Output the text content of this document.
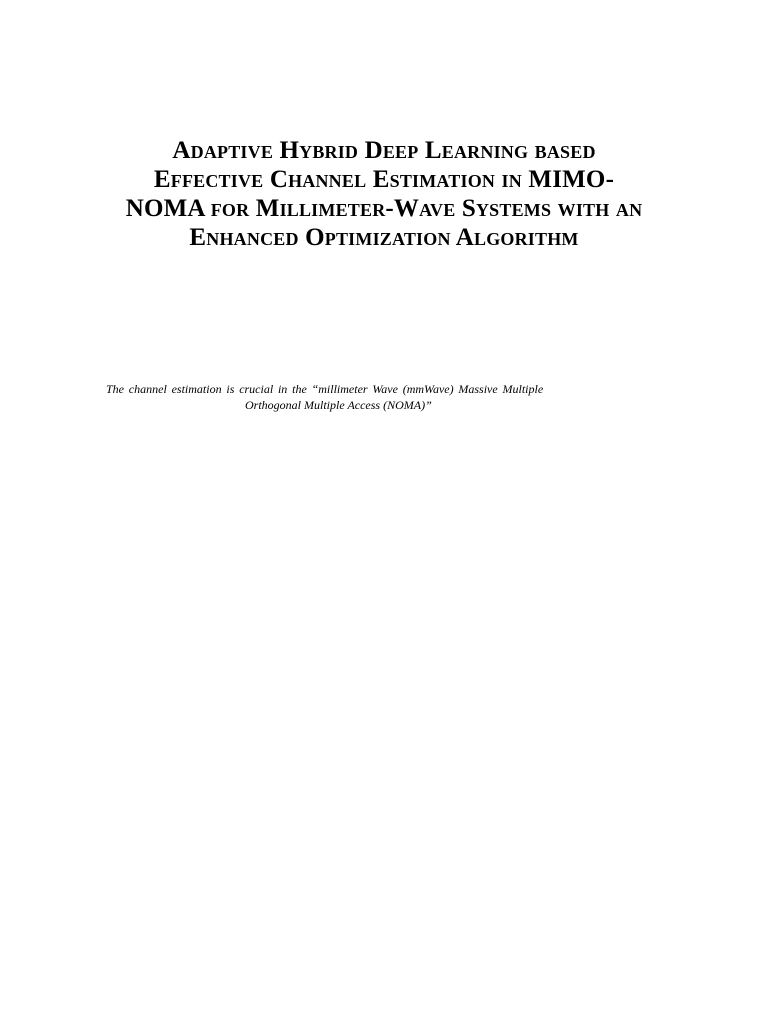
Adaptive Hybrid Deep Learning based
Effective Channel Estimation in MIMO-
NOMA for Millimeter-Wave Systems with an
Enhanced Optimization Algorithm
The channel estimation is crucial in the “millimeter Wave (mmWave) Massive Multiple
Orthogonal Multiple Access (NOMA)”
